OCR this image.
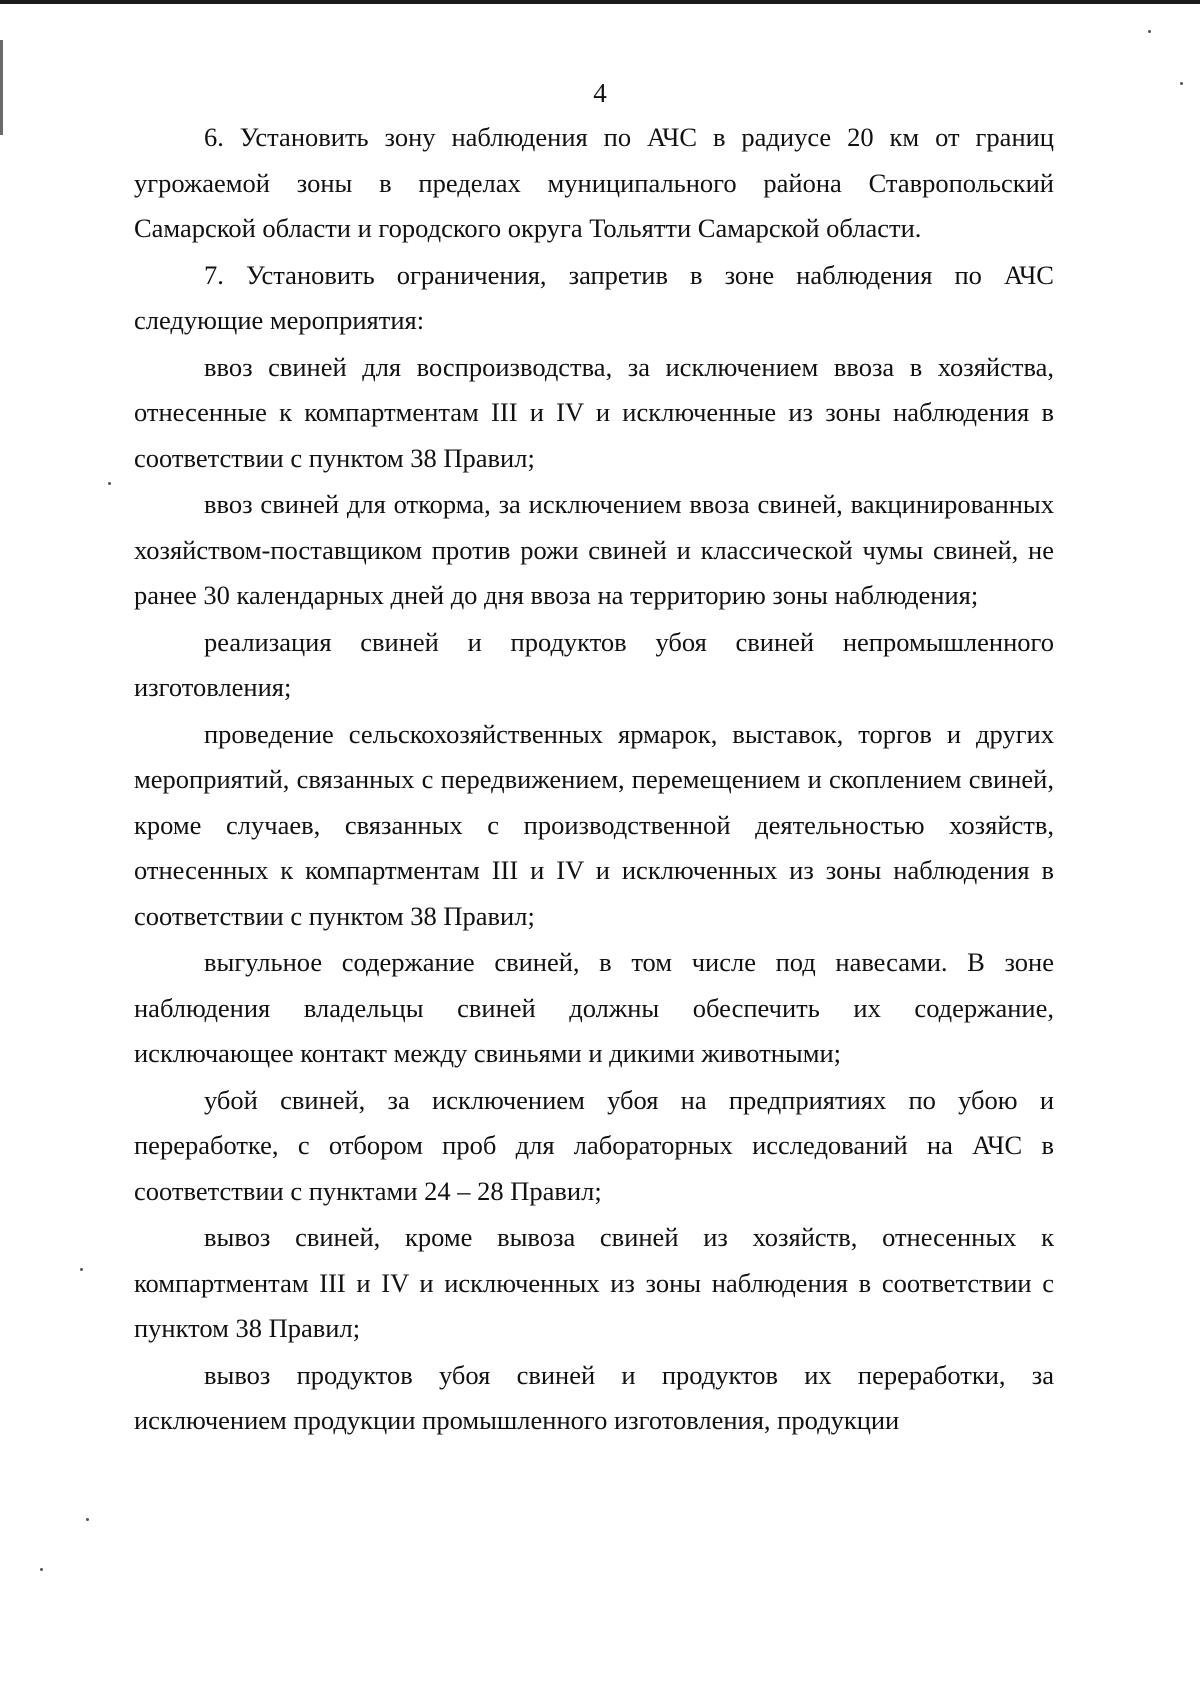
4

6. Установить зону наблюдения по АЧС в радиусе 20 км от границ угрожаемой зоны в пределах муниципального района Ставропольский Самарской области и городского округа Тольятти Самарской области.

7. Установить ограничения, запретив в зоне наблюдения по АЧС следующие мероприятия:

ввоз свиней для воспроизводства, за исключением ввоза в хозяйства, отнесенные к компартментам III и IV и исключенные из зоны наблюдения в соответствии с пунктом 38 Правил;

ввоз свиней для откорма, за исключением ввоза свиней, вакцинированных хозяйством-поставщиком против рожи свиней и классической чумы свиней, не ранее 30 календарных дней до дня ввоза на территорию зоны наблюдения;

реализация свиней и продуктов убоя свиней непромышленного изготовления;

проведение сельскохозяйственных ярмарок, выставок, торгов и других мероприятий, связанных с передвижением, перемещением и скоплением свиней, кроме случаев, связанных с производственной деятельностью хозяйств, отнесенных к компартментам III и IV и исключенных из зоны наблюдения в соответствии с пунктом 38 Правил;

выгульное содержание свиней, в том числе под навесами. В зоне наблюдения владельцы свиней должны обеспечить их содержание, исключающее контакт между свиньями и дикими животными;

убой свиней, за исключением убоя на предприятиях по убою и переработке, с отбором проб для лабораторных исследований на АЧС в соответствии с пунктами 24 – 28 Правил;

вывоз свиней, кроме вывоза свиней из хозяйств, отнесенных к компартментам III и IV и исключенных из зоны наблюдения в соответствии с пунктом 38 Правил;

вывоз продуктов убоя свиней и продуктов их переработки, за исключением продукции промышленного изготовления, продукции
